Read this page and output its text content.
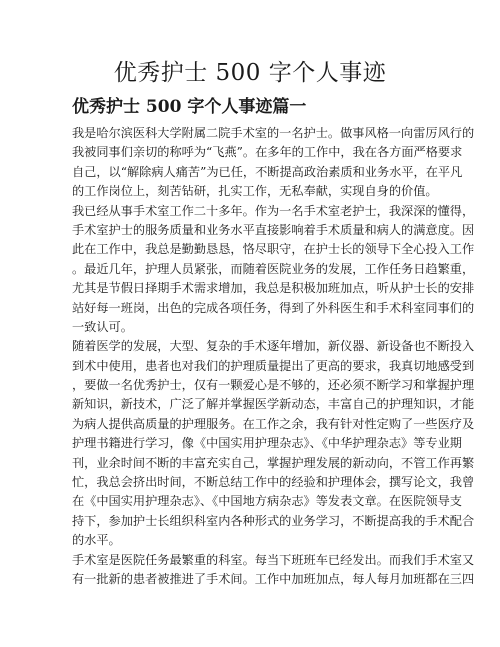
优秀护士 500 字个人事迹
优秀护士 500 字个人事迹篇一
我是哈尔滨医科大学附属二院手术室的一名护士。做事风格一向雷厉风行的
我被同事们亲切的称呼为“飞燕”。在多年的工作中，我在各方面严格要求
自己，以“解除病人痛苦”为已任，不断提高政治素质和业务水平，在平凡
的工作岗位上，刻苦钻研，扎实工作，无私奉献，实现自身的价值。
我已经从事手术室工作二十多年。作为一名手术室老护士，我深深的懂得，
手术室护士的服务质量和业务水平直接影响着手术质量和病人的满意度。因
此在工作中，我总是勤勤恳恳，恪尽职守，在护士长的领导下全心投入工作
。最近几年，护理人员紧张，而随着医院业务的发展，工作任务日趋繁重，
尤其是节假日择期手术需求增加，我总是积极加班加点，听从护士长的安排
站好每一班岗，出色的完成各项任务，得到了外科医生和手术科室同事们的
一致认可。
随着医学的发展，大型、复杂的手术逐年增加，新仪器、新设备也不断投入
到术中使用，患者也对我们的护理质量提出了更高的要求，我真切地感受到
，要做一名优秀护士，仅有一颗爱心是不够的，还必须不断学习和掌握护理
新知识，新技术，广泛了解并掌握医学新动态，丰富自己的护理知识，才能
为病人提供高质量的护理服务。在工作之余，我有针对性定购了一些医疗及
护理书籍进行学习，像《中国实用护理杂志》、《中华护理杂志》等专业期
刊，业余时间不断的丰富充实自己，掌握护理发展的新动向，不管工作再繁
忙，我总会挤出时间，不断总结工作中的经验和护理体会，撰写论文，我曾
在《中国实用护理杂志》、《中国地方病杂志》等发表文章。在医院领导支
持下，参加护士长组织科室内各种形式的业务学习，不断提高我的手术配合
的水平。
手术室是医院任务最繁重的科室。每当下班班车已经发出。而我们手术室又
有一批新的患者被推进了手术间。工作中加班加点，每人每月加班都在三四
